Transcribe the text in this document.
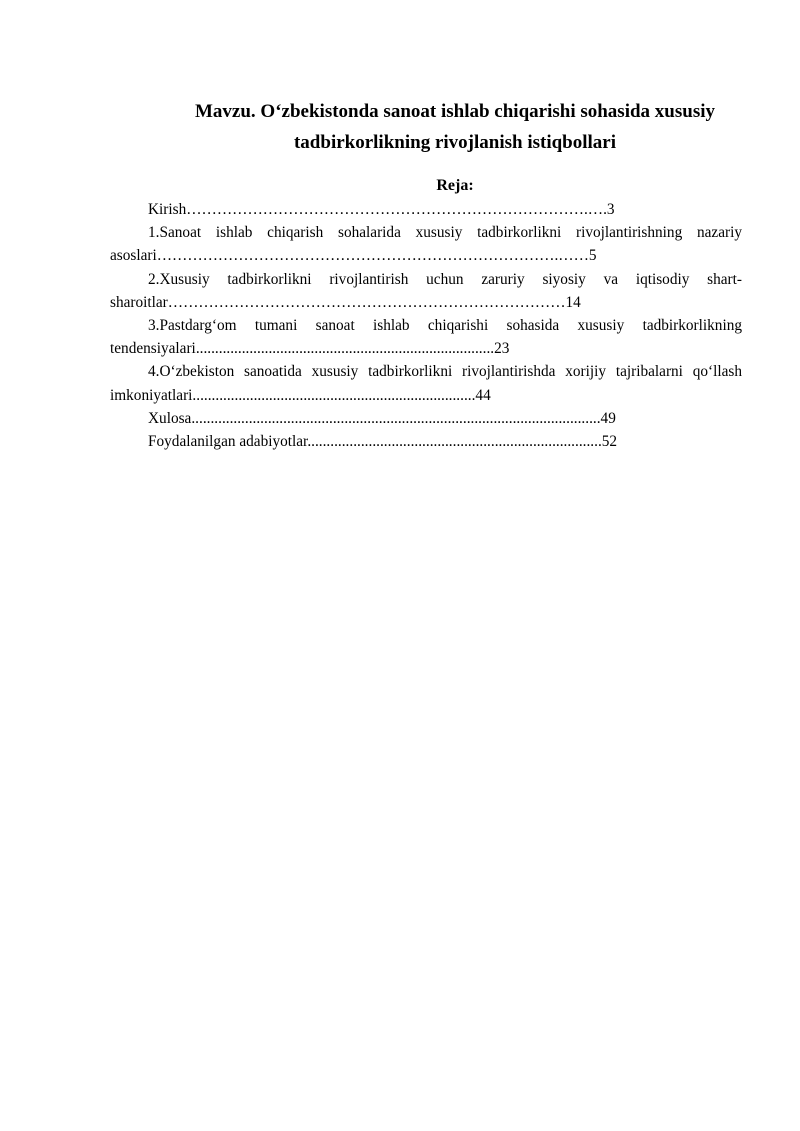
Mavzu. O‘zbekistonda sanoat ishlab chiqarishi sohasida xususiy
tadbirkorlikning rivojlanish istiqbollari

Reja:

Kirish…………………………………………………………………….….3

1.Sanoat ishlab chiqarish sohalarida xususiy tadbirkorlikni rivojlantirishning nazariy asoslari…………………………………………………………………….……5

2.Xususiy tadbirkorlikni rivojlantirish uchun zaruriy siyosiy va iqtisodiy shart-sharoitlar……………………………………………………………………14

3.Pastdarg‘om tumani sanoat ishlab chiqarishi sohasida xususiy tadbirkorlikning tendensiyalari..............................................................................23

4.O‘zbekiston sanoatida xususiy tadbirkorlikni rivojlantirishda xorijiy tajribalarni qo‘llash imkoniyatlari..........................................................................44

Xulosa...........................................................................................................49

Foydalanilgan adabiyotlar.............................................................................52
